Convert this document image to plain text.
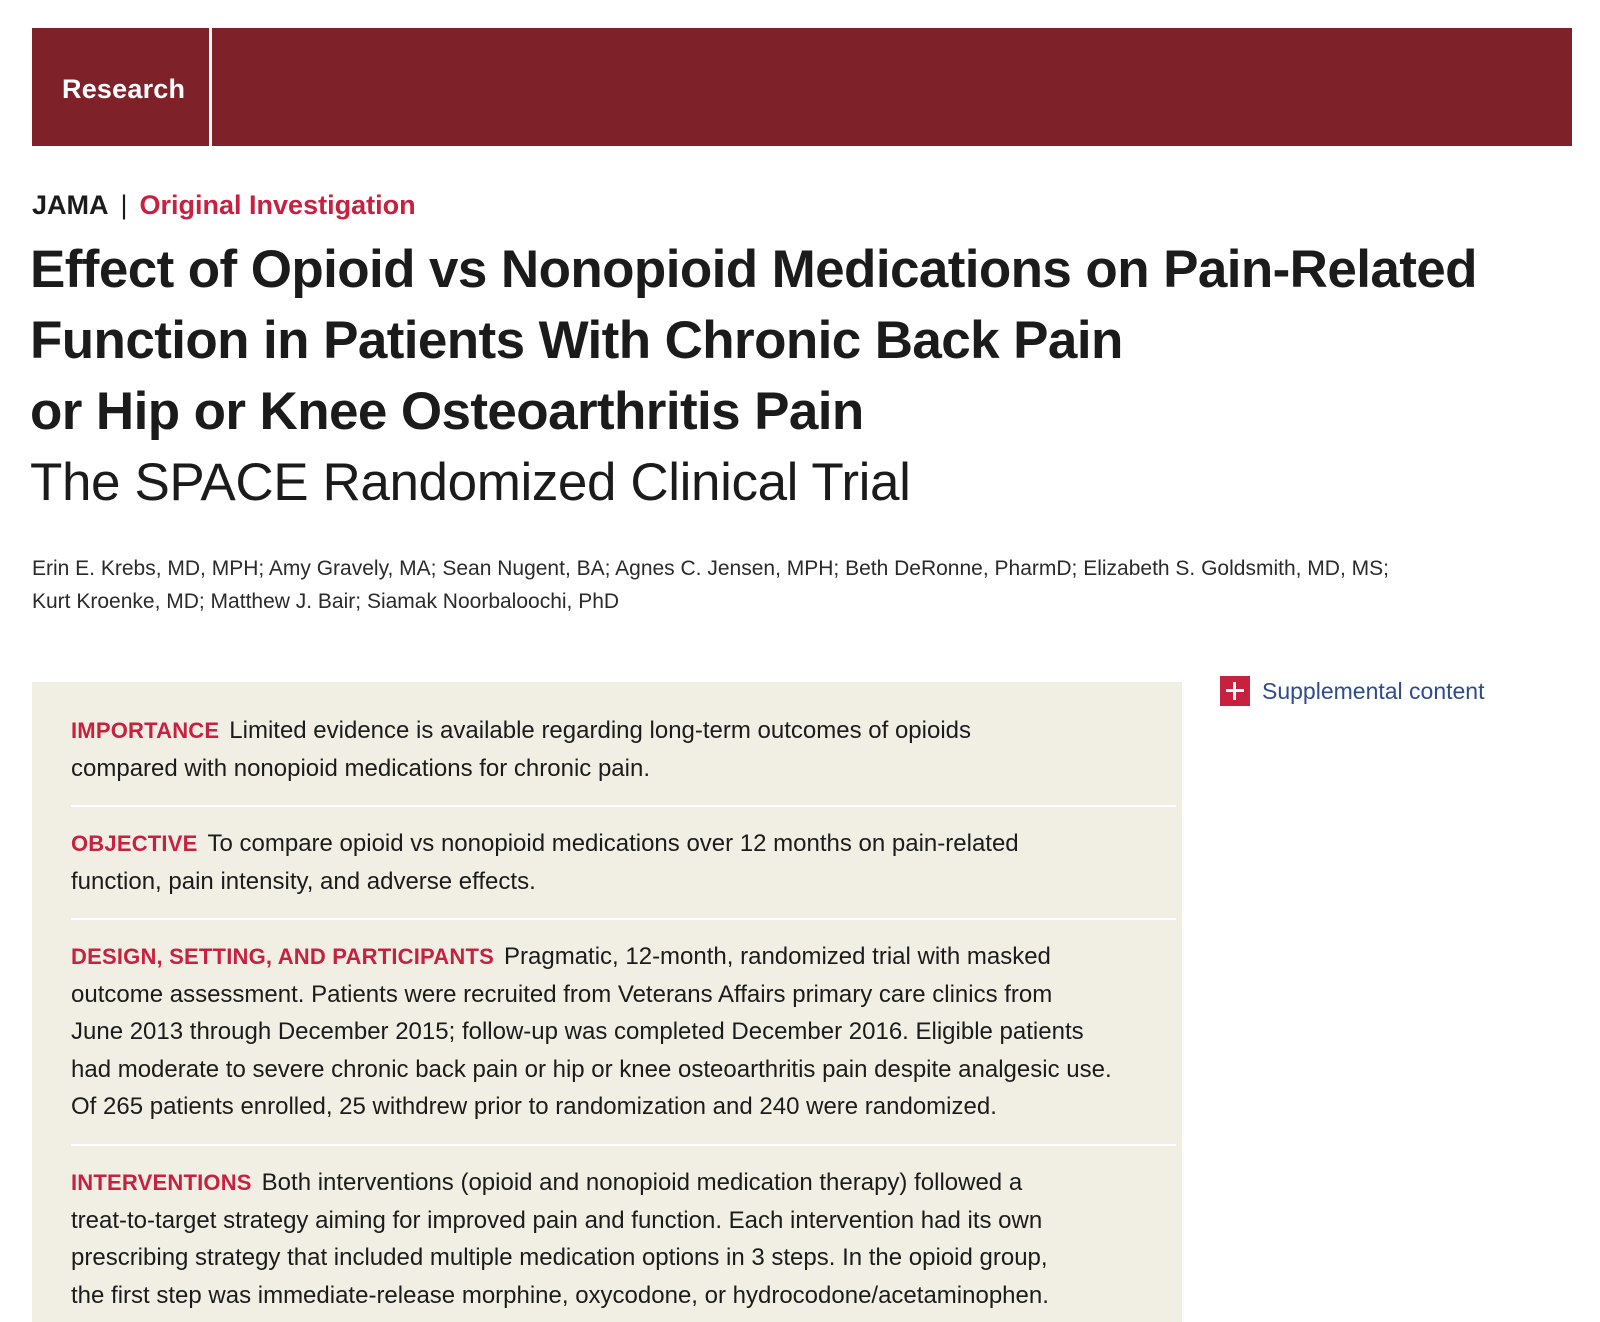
Research
JAMA | Original Investigation
Effect of Opioid vs Nonopioid Medications on Pain-Related
Function in Patients With Chronic Back Pain
or Hip or Knee Osteoarthritis Pain
The SPACE Randomized Clinical Trial
Erin E. Krebs, MD, MPH; Amy Gravely, MA; Sean Nugent, BA; Agnes C. Jensen, MPH; Beth DeRonne, PharmD; Elizabeth S. Goldsmith, MD, MS;
Kurt Kroenke, MD; Matthew J. Bair; Siamak Noorbaloochi, PhD
IMPORTANCE Limited evidence is available regarding long-term outcomes of opioids
compared with nonopioid medications for chronic pain.
OBJECTIVE To compare opioid vs nonopioid medications over 12 months on pain-related
function, pain intensity, and adverse effects.
DESIGN, SETTING, AND PARTICIPANTS Pragmatic, 12-month, randomized trial with masked
outcome assessment. Patients were recruited from Veterans Affairs primary care clinics from
June 2013 through December 2015; follow-up was completed December 2016. Eligible patients
had moderate to severe chronic back pain or hip or knee osteoarthritis pain despite analgesic use.
Of 265 patients enrolled, 25 withdrew prior to randomization and 240 were randomized.
INTERVENTIONS Both interventions (opioid and nonopioid medication therapy) followed a
treat-to-target strategy aiming for improved pain and function. Each intervention had its own
prescribing strategy that included multiple medication options in 3 steps. In the opioid group,
the first step was immediate-release morphine, oxycodone, or hydrocodone/acetaminophen.
Supplemental content
